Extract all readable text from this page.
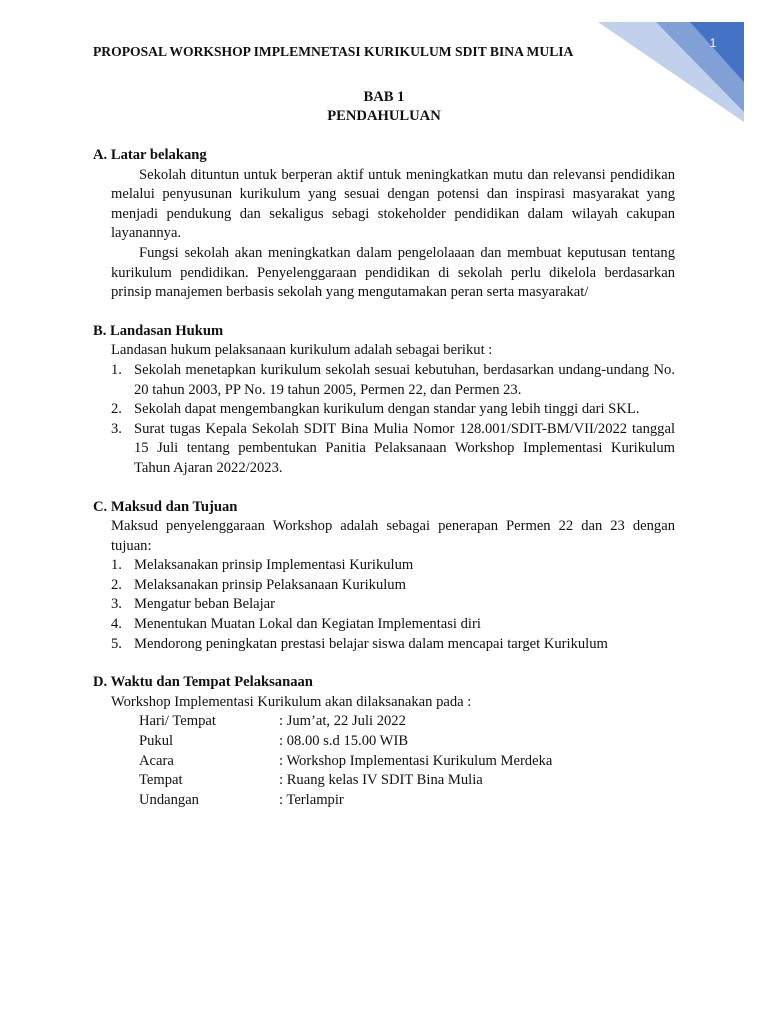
1
PROPOSAL WORKSHOP IMPLEMNETASI KURIKULUM SDIT BINA MULIA
BAB 1
PENDAHULUAN

A. Latar belakang

Sekolah dituntun untuk berperan aktif untuk meningkatkan mutu dan relevansi pendidikan melalui penyusunan kurikulum yang sesuai dengan potensi dan inspirasi masyarakat yang menjadi pendukung dan sekaligus sebagi stokeholder pendidikan dalam wilayah cakupan layanannya.

Fungsi sekolah akan meningkatkan dalam pengelolaaan dan membuat keputusan tentang kurikulum pendidikan. Penyelenggaraan pendidikan di sekolah perlu dikelola berdasarkan prinsip manajemen berbasis sekolah yang mengutamakan peran serta masyarakat/

B. Landasan Hukum

Landasan hukum pelaksanaan kurikulum adalah sebagai berikut :

1. Sekolah menetapkan kurikulum sekolah sesuai kebutuhan, berdasarkan undang-undang No. 20 tahun 2003, PP No. 19 tahun 2005, Permen 22, dan Permen 23.
2. Sekolah dapat mengembangkan kurikulum dengan standar yang lebih tinggi dari SKL.
3. Surat tugas Kepala Sekolah SDIT Bina Mulia Nomor 128.001/SDIT-BM/VII/2022 tanggal 15 Juli tentang pembentukan Panitia Pelaksanaan Workshop Implementasi Kurikulum Tahun Ajaran 2022/2023.

C. Maksud dan Tujuan

Maksud penyelenggaraan Workshop adalah sebagai penerapan Permen 22 dan 23 dengan tujuan:

1. Melaksanakan prinsip Implementasi Kurikulum
2. Melaksanakan prinsip Pelaksanaan Kurikulum
3. Mengatur beban Belajar
4. Menentukan Muatan Lokal dan Kegiatan Implementasi diri
5. Mendorong peningkatan prestasi belajar siswa dalam mencapai target Kurikulum

D. Waktu dan Tempat Pelaksanaan

Workshop Implementasi Kurikulum akan dilaksanakan pada :

Hari/ Tempat	: Jum’at, 22 Juli 2022
Pukul	: 08.00 s.d 15.00 WIB
Acara	: Workshop Implementasi Kurikulum Merdeka
Tempat	: Ruang kelas IV SDIT Bina Mulia
Undangan	: Terlampir
